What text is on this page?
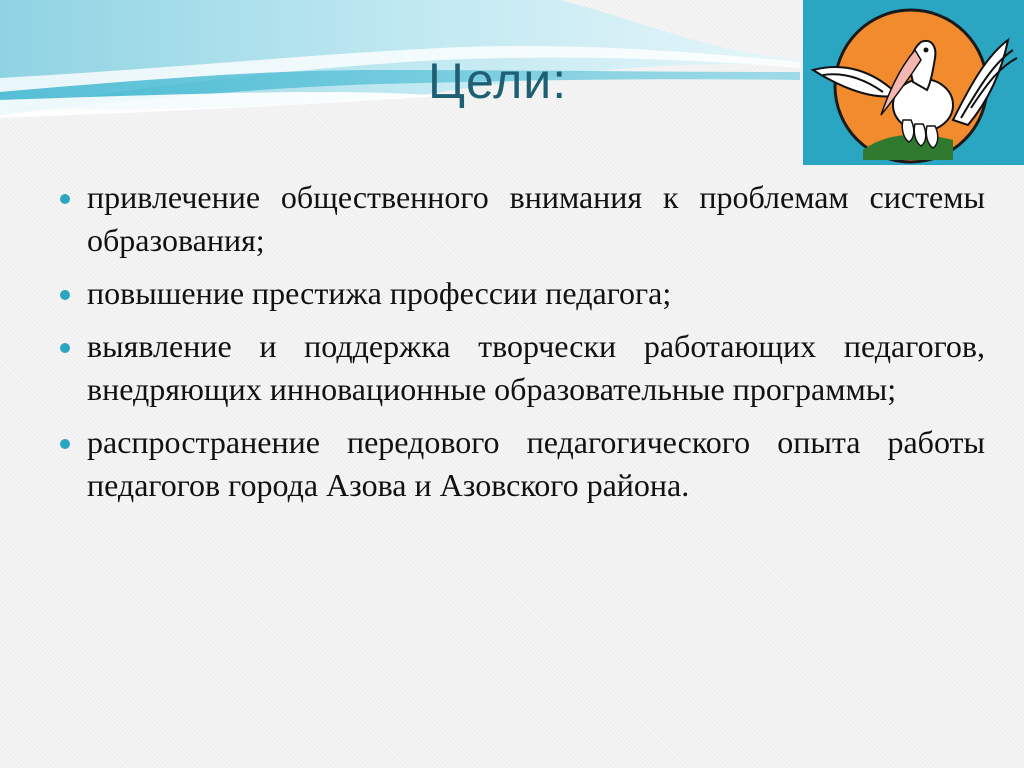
Цели:
привлечение общественного внимания к проблемам системы образования;
повышение престижа профессии педагога;
выявление и поддержка творчески работающих педагогов, внедряющих инновационные образовательные программы;
распространение передового педагогического опыта работы педагогов города Азова и Азовского района.
